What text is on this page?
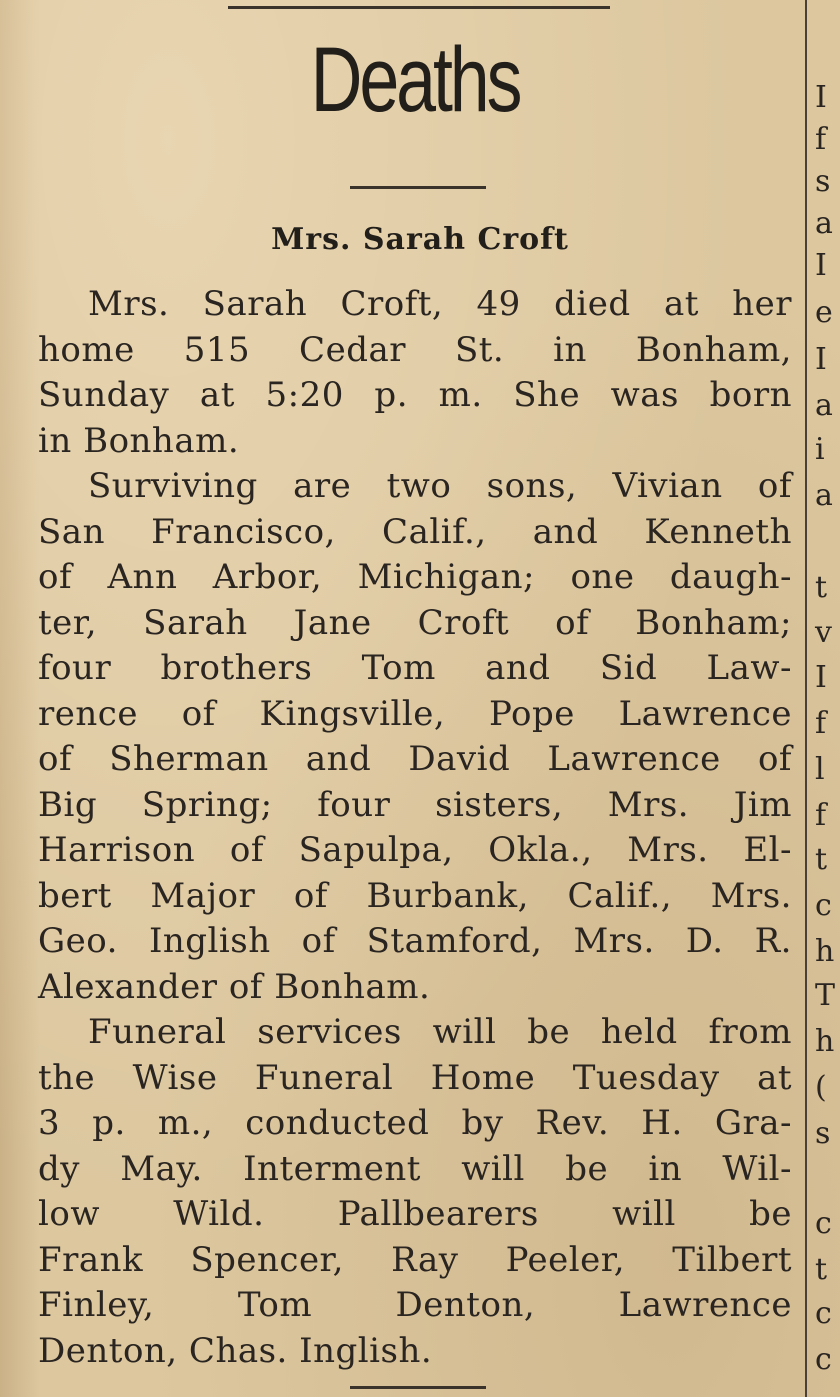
Deaths
Mrs. Sarah Croft
Mrs. Sarah Croft, 49 died at her
home 515 Cedar St. in Bonham,
Sunday at 5:20 p. m. She was born
in Bonham.
Surviving are two sons, Vivian of
San Francisco, Calif., and Kenneth
of Ann Arbor, Michigan; one daugh-
ter, Sarah Jane Croft of Bonham;
four brothers Tom and Sid Law-
rence of Kingsville, Pope Lawrence
of Sherman and David Lawrence of
Big Spring; four sisters, Mrs. Jim
Harrison of Sapulpa, Okla., Mrs. El-
bert Major of Burbank, Calif., Mrs.
Geo. Inglish of Stamford, Mrs. D. R.
Alexander of Bonham.
Funeral services will be held from
the Wise Funeral Home Tuesday at
3 p. m., conducted by Rev. H. Gra-
dy May. Interment will be in Wil-
low Wild. Pallbearers will be
Frank Spencer, Ray Peeler, Tilbert
Finley, Tom Denton, Lawrence
Denton, Chas. Inglish.
I
f
s
a
I
e
I
a
i
a
t
v
I
f
l
f
t
c
h
T
h
(
s
c
t
c
c
